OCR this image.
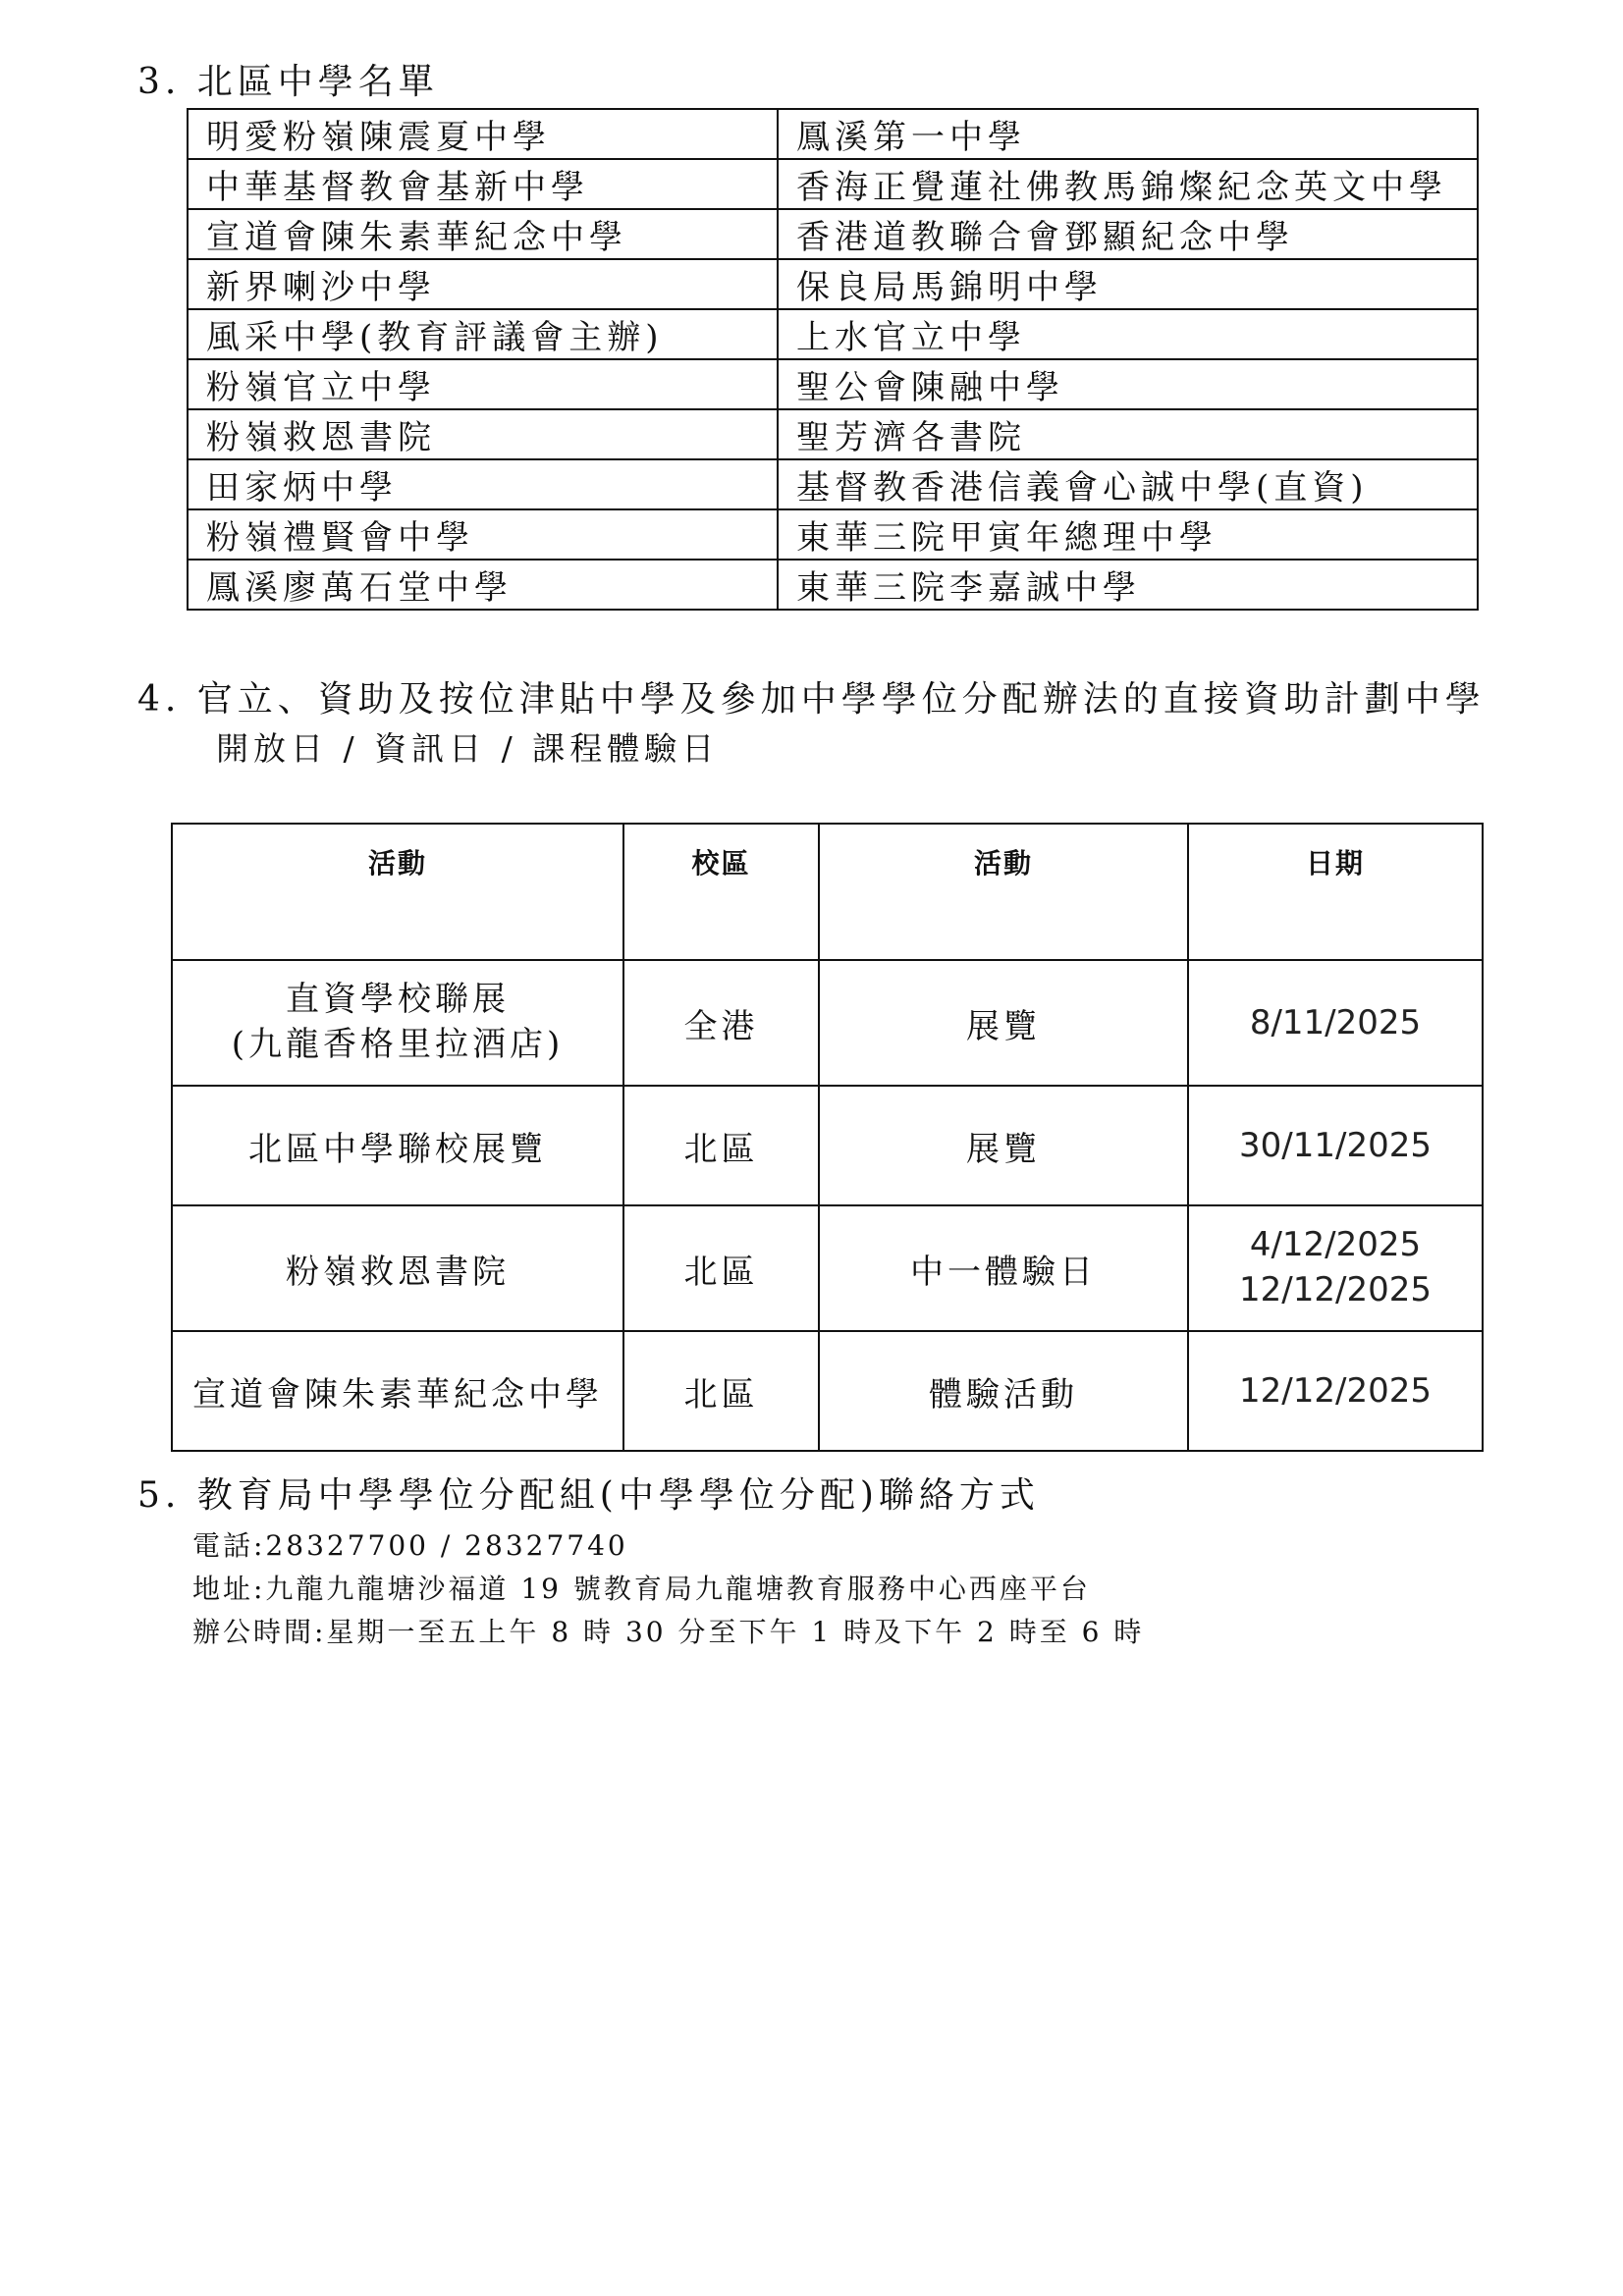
3. 北區中學名單
明愛粉嶺陳震夏中學	鳳溪第一中學
中華基督教會基新中學	香海正覺蓮社佛教馬錦燦紀念英文中學
宣道會陳朱素華紀念中學	香港道教聯合會鄧顯紀念中學
新界喇沙中學	保良局馬錦明中學
風采中學(教育評議會主辦)	上水官立中學
粉嶺官立中學	聖公會陳融中學
粉嶺救恩書院	聖芳濟各書院
田家炳中學	基督教香港信義會心誠中學(直資)
粉嶺禮賢會中學	東華三院甲寅年總理中學
鳳溪廖萬石堂中學	東華三院李嘉誠中學
4. 官立、資助及按位津貼中學及參加中學學位分配辦法的直接資助計劃中學
開放日 / 資訊日 / 課程體驗日
活動	校區	活動	日期

直資學校聯展
(九龍香格里拉酒店)	全港	展覽	8/11/2025
北區中學聯校展覽	北區	展覽	30/11/2025
粉嶺救恩書院	北區	中一體驗日	4/12/2025
12/12/2025

宣道會陳朱素華紀念中學	北區	體驗活動	12/12/2025
5. 教育局中學學位分配組(中學學位分配)聯絡方式
電話:28327700 / 28327740
地址:九龍九龍塘沙福道 19 號教育局九龍塘教育服務中心西座平台
辦公時間:星期一至五上午 8 時 30 分至下午 1 時及下午 2 時至 6 時
